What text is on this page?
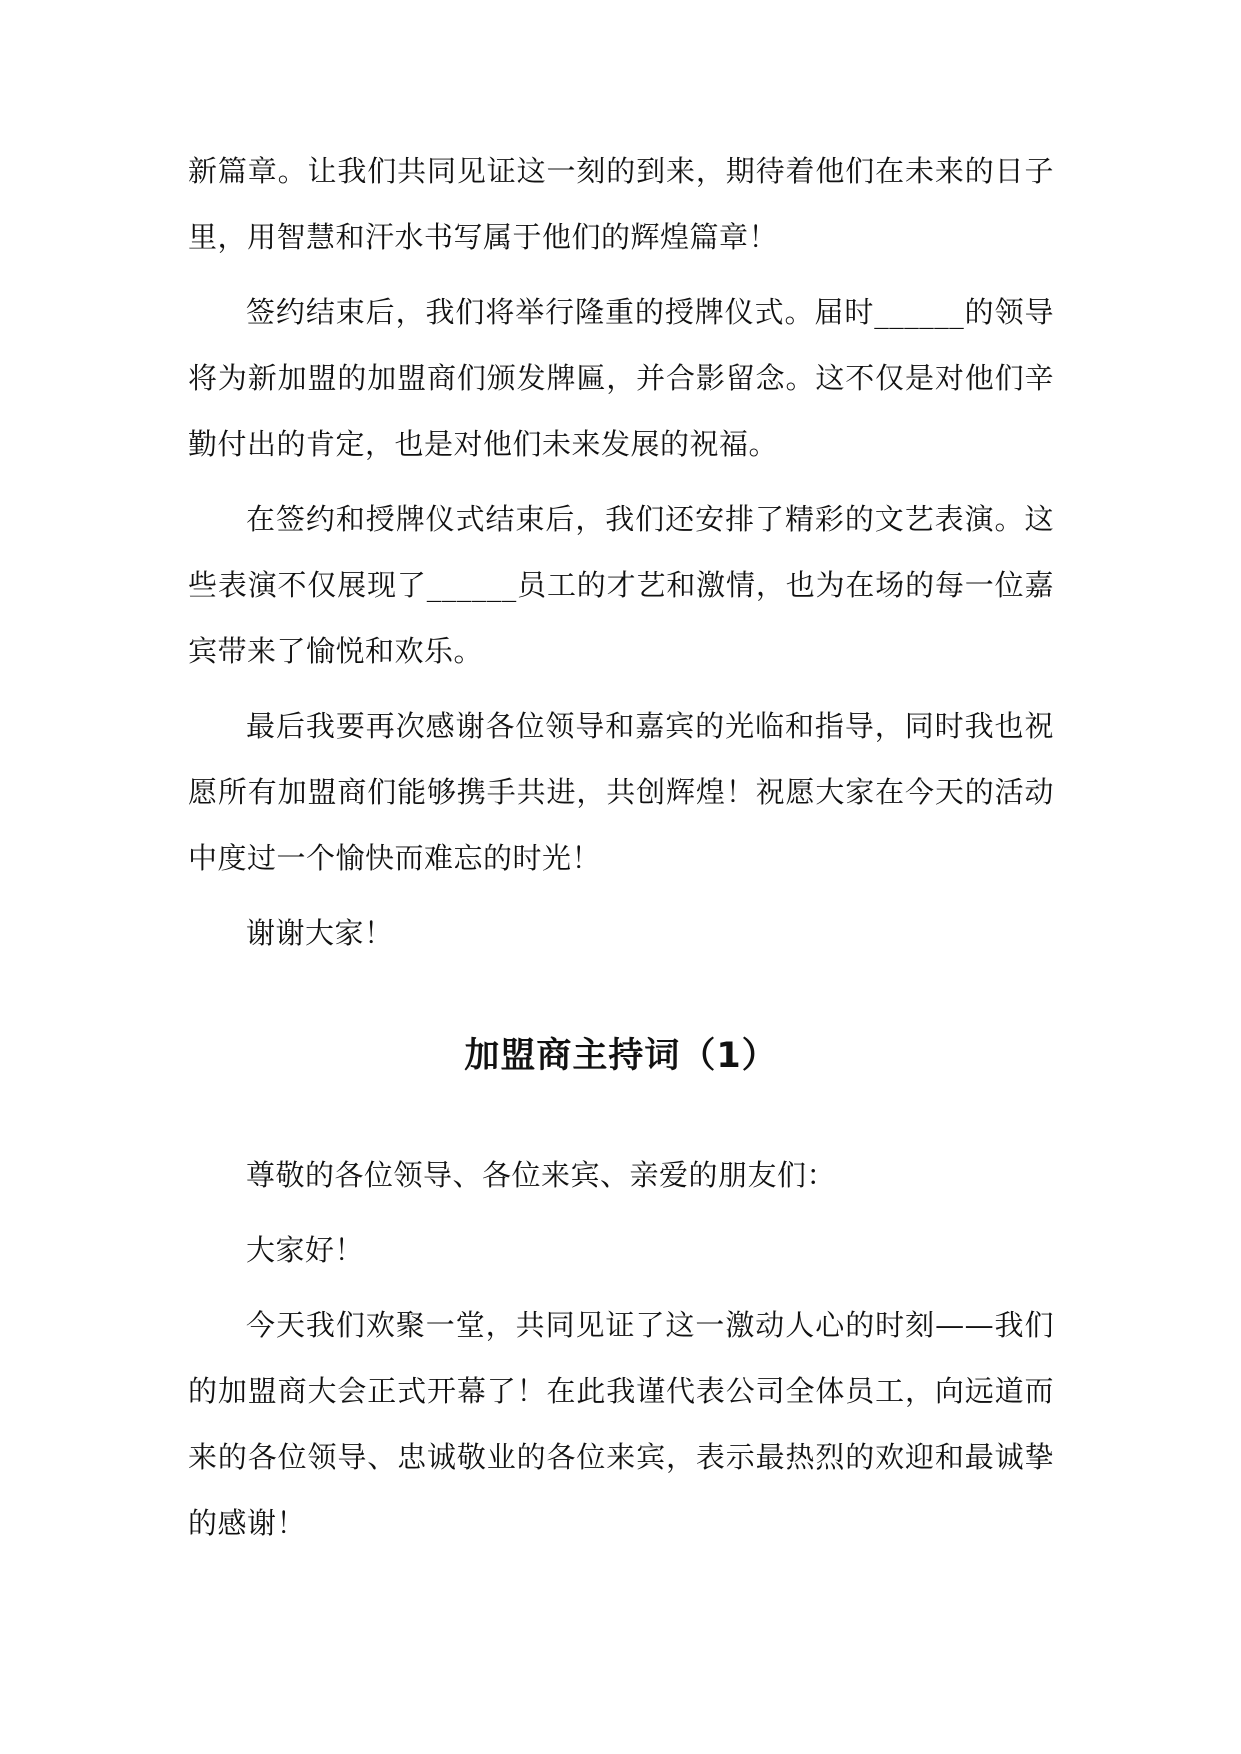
新篇章。让我们共同见证这一刻的到来，期待着他们在未来的日子里，用智慧和汗水书写属于他们的辉煌篇章！

签约结束后，我们将举行隆重的授牌仪式。届时______的领导将为新加盟的加盟商们颁发牌匾，并合影留念。这不仅是对他们辛勤付出的肯定，也是对他们未来发展的祝福。

在签约和授牌仪式结束后，我们还安排了精彩的文艺表演。这些表演不仅展现了______员工的才艺和激情，也为在场的每一位嘉宾带来了愉悦和欢乐。

最后我要再次感谢各位领导和嘉宾的光临和指导，同时我也祝愿所有加盟商们能够携手共进，共创辉煌！祝愿大家在今天的活动中度过一个愉快而难忘的时光！

谢谢大家！

加盟商主持词（1）

尊敬的各位领导、各位来宾、亲爱的朋友们：

大家好！

今天我们欢聚一堂，共同见证了这一激动人心的时刻——我们的加盟商大会正式开幕了！在此我谨代表公司全体员工，向远道而来的各位领导、忠诚敬业的各位来宾，表示最热烈的欢迎和最诚挚的感谢！
